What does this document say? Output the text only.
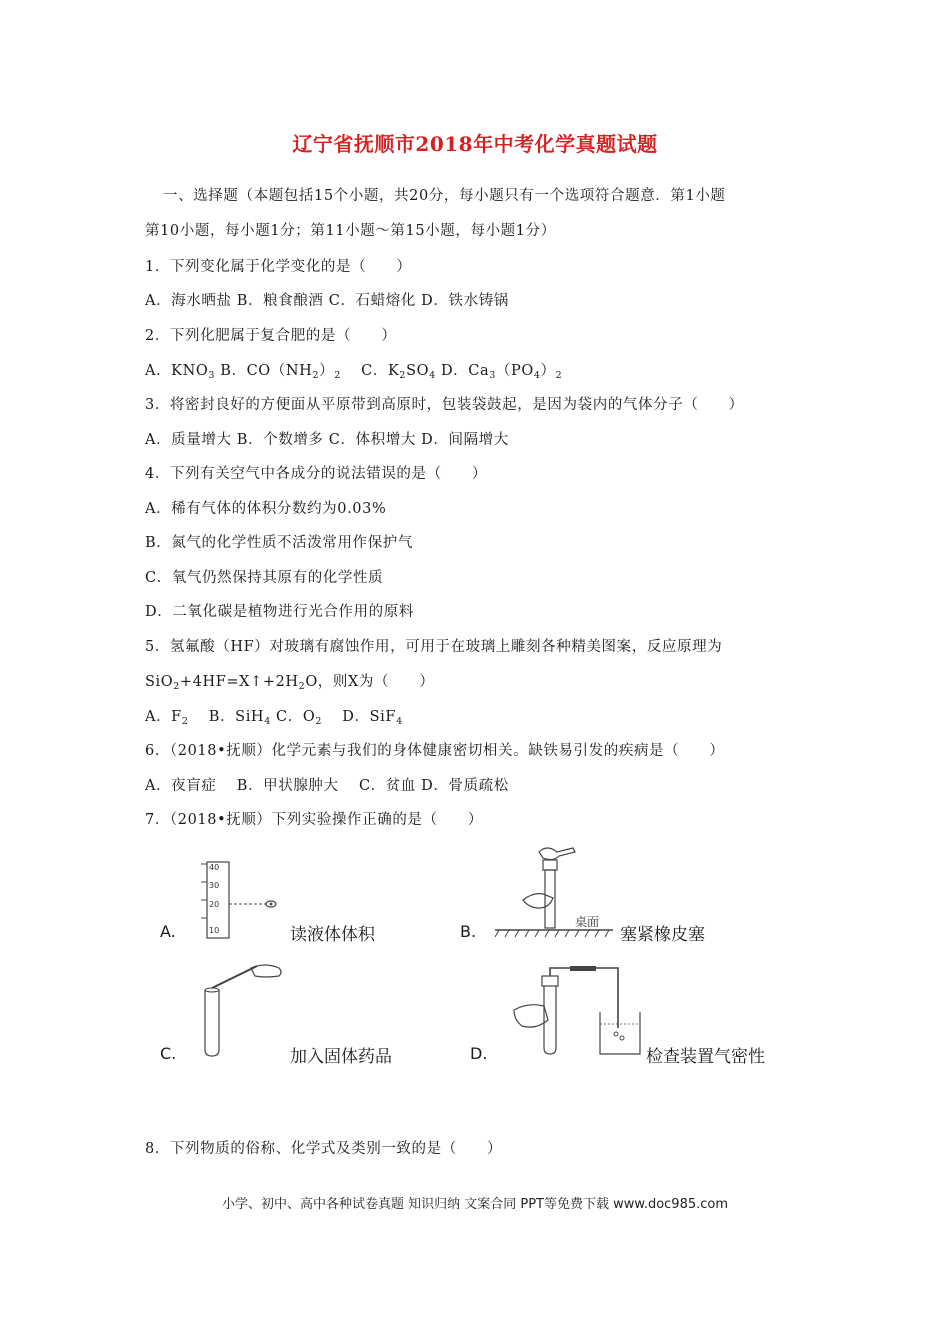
辽宁省抚顺市2018年中考化学真题试题
一、选择题（本题包括15个小题，共20分，每小题只有一个选项符合题意．第1小题
第10小题，每小题1分；第11小题～第15小题，每小题1分）
1．下列变化属于化学变化的是（　　）
A．海水晒盐 B．粮食酿酒 C．石蜡熔化 D．铁水铸锅
2．下列化肥属于复合肥的是（　　）
A．$KNO_3$ B．$CO(NH_2)_2$　 C．$K_2SO_4$ D．$Ca_3(PO_4)_2$
3．将密封良好的方便面从平原带到高原时，包装袋鼓起，是因为袋内的气体分子（　　）
A．质量增大 B．个数增多 C．体积增大 D．间隔增大
4．下列有关空气中各成分的说法错误的是（　　）
A．稀有气体的体积分数约为0.03%
B．氮气的化学性质不活泼常用作保护气
C．氧气仍然保持其原有的化学性质
D．二氧化碳是植物进行光合作用的原料
5．氢氟酸（HF）对玻璃有腐蚀作用，可用于在玻璃上雕刻各种精美图案，反应原理为
$SiO_2+4HF=X↑+2H_2O$，则X为（　　）
A．$F_2$　 B．SiH$_4$ C．$O_2$　 D．SiF$_4$
6．（2018•抚顺）化学元素与我们的身体健康密切相关。缺铁易引发的疾病是（　　）
A．夜盲症　 B．甲状腺肿大　 C．贫血 D．骨质疏松
7．（2018•抚顺）下列实验操作正确的是（　　）
40
30
20
10
A.	读液体体积
桌面
B.	塞紧橡皮塞
C.	加入固体药品	D.	检查装置气密性
8．下列物质的俗称、化学式及类别一致的是（　　）
小学、初中、高中各种试卷真题 知识归纳 文案合同 PPT等免费下载 www.doc985.com
